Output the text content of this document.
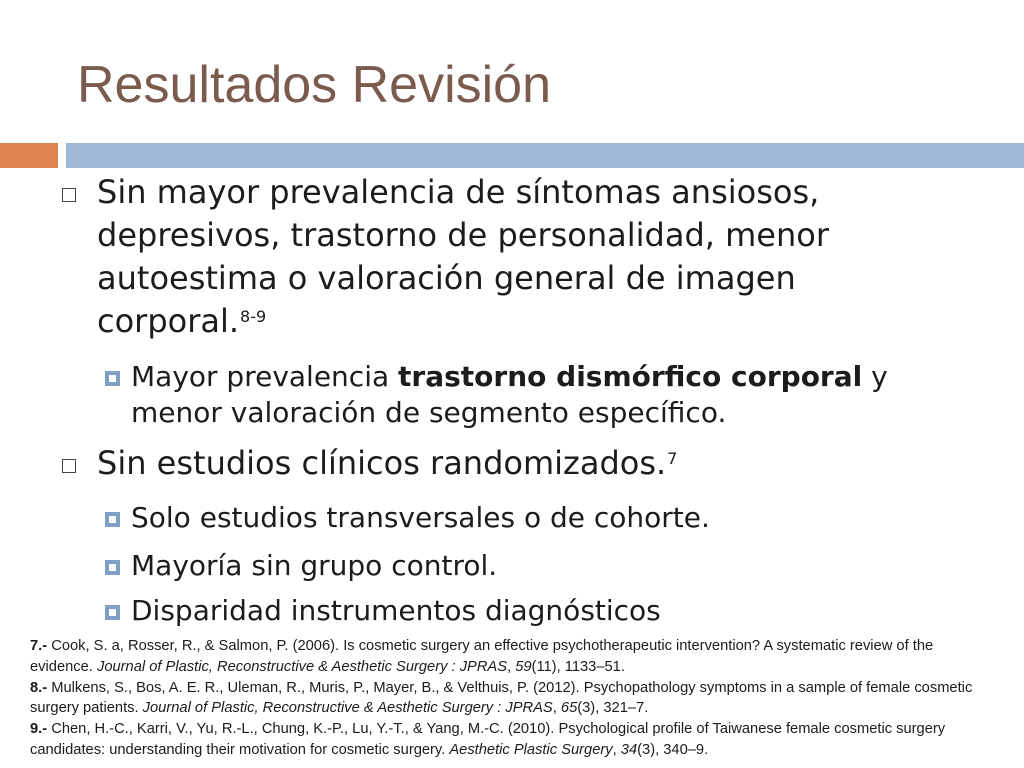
Resultados Revisión
Sin mayor prevalencia de síntomas ansiosos,
depresivos, trastorno de personalidad, menor
autoestima o valoración general de imagen
corporal.$^{8-9}$
Mayor prevalencia trastorno dismórfico corporal y
menor valoración de segmento específico.
Sin estudios clínicos randomizados.$^7$
Solo estudios transversales o de cohorte.
Mayoría sin grupo control.
Disparidad instrumentos diagnósticos
7.- Cook, S. a, Rosser, R., & Salmon, P. (2006). Is cosmetic surgery an effective psychotherapeutic intervention? A systematic review of the
evidence. Journal of Plastic, Reconstructive & Aesthetic Surgery : JPRAS, 59(11), 1133–51.
8.- Mulkens, S., Bos, A. E. R., Uleman, R., Muris, P., Mayer, B., & Velthuis, P. (2012). Psychopathology symptoms in a sample of female cosmetic
surgery patients. Journal of Plastic, Reconstructive & Aesthetic Surgery : JPRAS, 65(3), 321–7.
9.- Chen, H.-C., Karri, V., Yu, R.-L., Chung, K.-P., Lu, Y.-T., & Yang, M.-C. (2010). Psychological profile of Taiwanese female cosmetic surgery
candidates: understanding their motivation for cosmetic surgery. Aesthetic Plastic Surgery, 34(3), 340–9.
